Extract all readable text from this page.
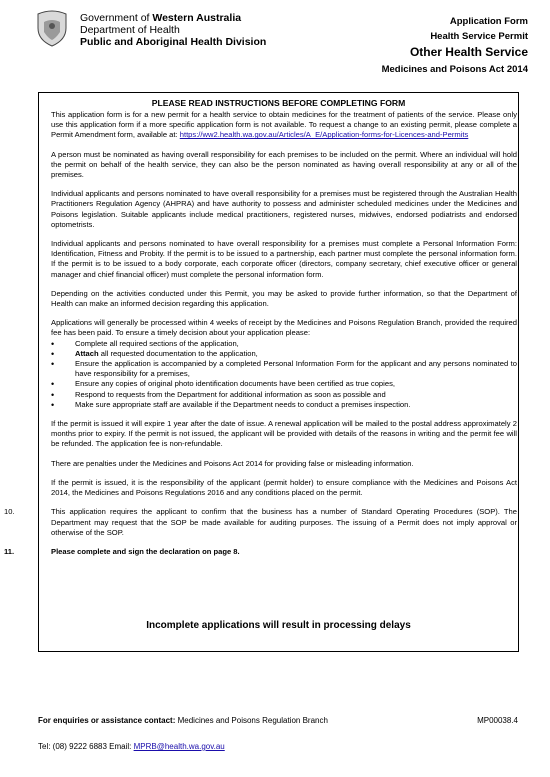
Government of Western Australia
Department of Health
Public and Aboriginal Health Division
Application Form
Health Service Permit
Other Health Service
Medicines and Poisons Act 2014
PLEASE READ INSTRUCTIONS BEFORE COMPLETING FORM

This application form is for a new permit for a health service to obtain medicines for the treatment of patients of the service. Please only use this application form if a more specific application form is not available. To request a change to an existing permit, please complete a Permit Amendment form, available at: https://ww2.health.wa.gov.au/Articles/A_E/Application-forms-for-Licences-and-Permits

A person must be nominated as having overall responsibility for each premises to be included on the permit. Where an individual will hold the permit on behalf of the health service, they can also be the person nominated as having overall responsibility at any or all of the premises.

Individual applicants and persons nominated to have overall responsibility for a premises must be registered through the Australian Health Practitioners Regulation Agency (AHPRA) and have authority to possess and administer scheduled medicines under the Medicines and Poisons legislation. Suitable applicants include medical practitioners, registered nurses, midwives, endorsed podiatrists and endorsed optometrists.

Individual applicants and persons nominated to have overall responsibility for a premises must complete a Personal Information Form: Identification, Fitness and Probity. If the permit is to be issued to a partnership, each partner must complete the personal information form. If the permit is to be issued to a body corporate, each corporate officer (directors, company secretary, chief executive officer or general manager and chief financial officer) must complete the personal information form.

Depending on the activities conducted under this Permit, you may be asked to provide further information, so that the Department of Health can make an informed decision regarding this application.

Applications will generally be processed within 4 weeks of receipt by the Medicines and Poisons Regulation Branch, provided the required fee has been paid. To ensure a timely decision about your application please:

• Complete all required sections of the application,
• Attach all requested documentation to the application,
• Ensure the application is accompanied by a completed Personal Information Form for the applicant and any persons nominated to have responsibility for a premises,
• Ensure any copies of original photo identification documents have been certified as true copies,
• Respond to requests from the Department for additional information as soon as possible and
• Make sure appropriate staff are available if the Department needs to conduct a premises inspection.

If the permit is issued it will expire 1 year after the date of issue. A renewal application will be mailed to the postal address approximately 2 months prior to expiry. If the permit is not issued, the applicant will be provided with details of the reasons in writing and the permit fee will be refunded. The application fee is non-refundable.

There are penalties under the Medicines and Poisons Act 2014 for providing false or misleading information.

If the permit is issued, it is the responsibility of the applicant (permit holder) to ensure compliance with the Medicines and Poisons Act 2014, the Medicines and Poisons Regulations 2016 and any conditions placed on the permit.

10.	This application requires the applicant to confirm that the business has a number of Standard Operating Procedures (SOP). The Department may request that the SOP be made available for auditing purposes. The issuing of a Permit does not imply approval or otherwise of the SOP.

11.	Please complete and sign the declaration on page 8.

Incomplete applications will result in processing delays
For enquiries or assistance contact: Medicines and Poisons Regulation Branch	MP00038.4
Tel: (08) 9222 6883 Email: MPRB@health.wa.gov.au
